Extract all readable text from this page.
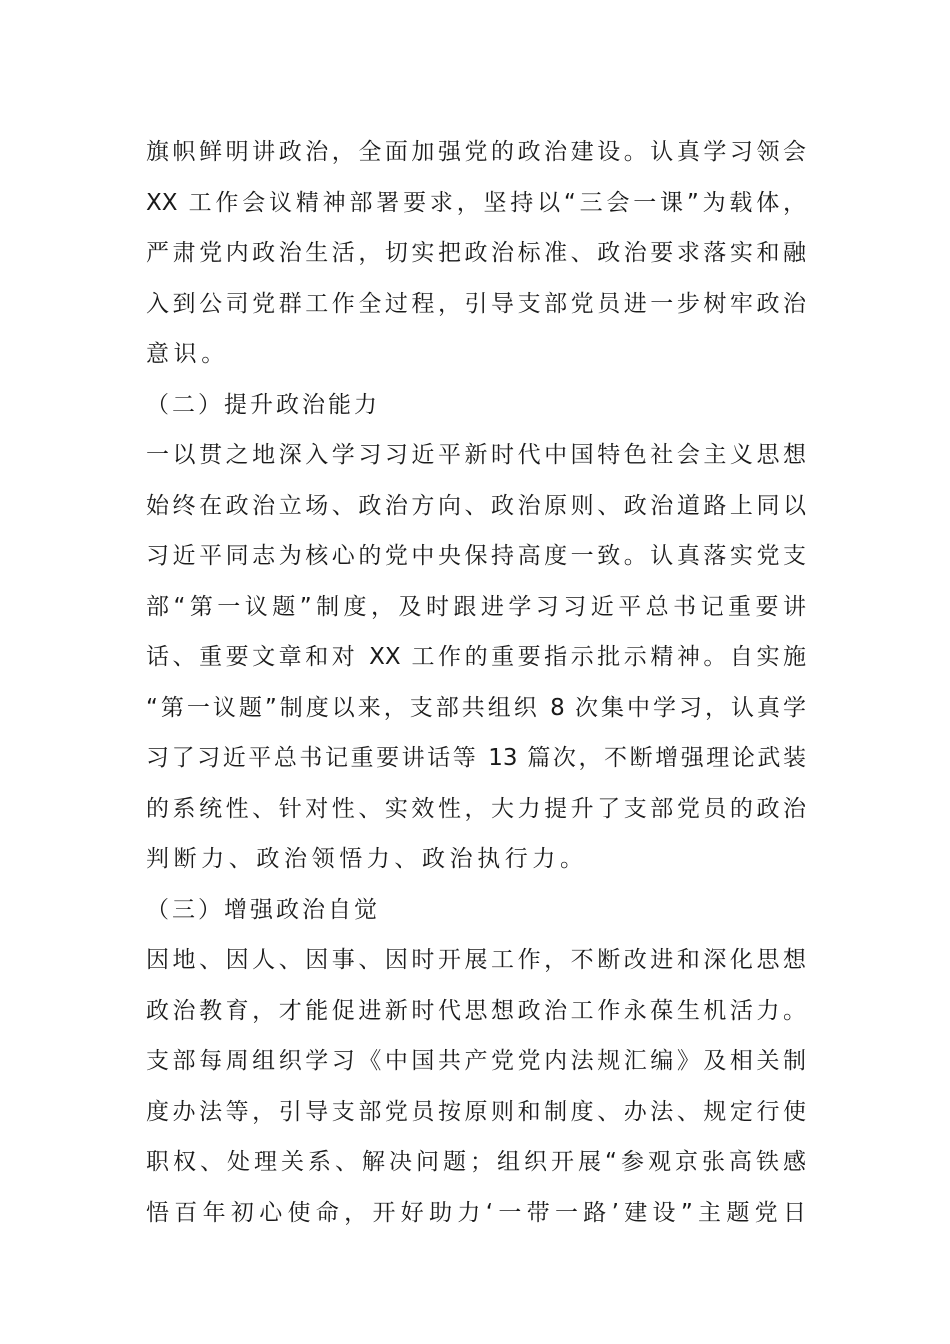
旗帜鲜明讲政治，全面加强党的政治建设。认真学习领会
XX 工作会议精神部署要求，坚持以“三会一课”为载体，
严肃党内政治生活，切实把政治标准、政治要求落实和融
入到公司党群工作全过程，引导支部党员进一步树牢政治
意识。
（二）提升政治能力
一以贯之地深入学习习近平新时代中国特色社会主义思想
始终在政治立场、政治方向、政治原则、政治道路上同以
习近平同志为核心的党中央保持高度一致。认真落实党支
部“第一议题”制度，及时跟进学习习近平总书记重要讲
话、重要文章和对 XX 工作的重要指示批示精神。自实施
“第一议题”制度以来，支部共组织 8 次集中学习，认真学
习了习近平总书记重要讲话等 13 篇次，不断增强理论武装
的系统性、针对性、实效性，大力提升了支部党员的政治
判断力、政治领悟力、政治执行力。
（三）增强政治自觉
因地、因人、因事、因时开展工作，不断改进和深化思想
政治教育，才能促进新时代思想政治工作永葆生机活力。
支部每周组织学习《中国共产党党内法规汇编》及相关制
度办法等，引导支部党员按原则和制度、办法、规定行使
职权、处理关系、解决问题；组织开展“参观京张高铁感
悟百年初心使命，开好助力‘一带一路’建设”主题党日
